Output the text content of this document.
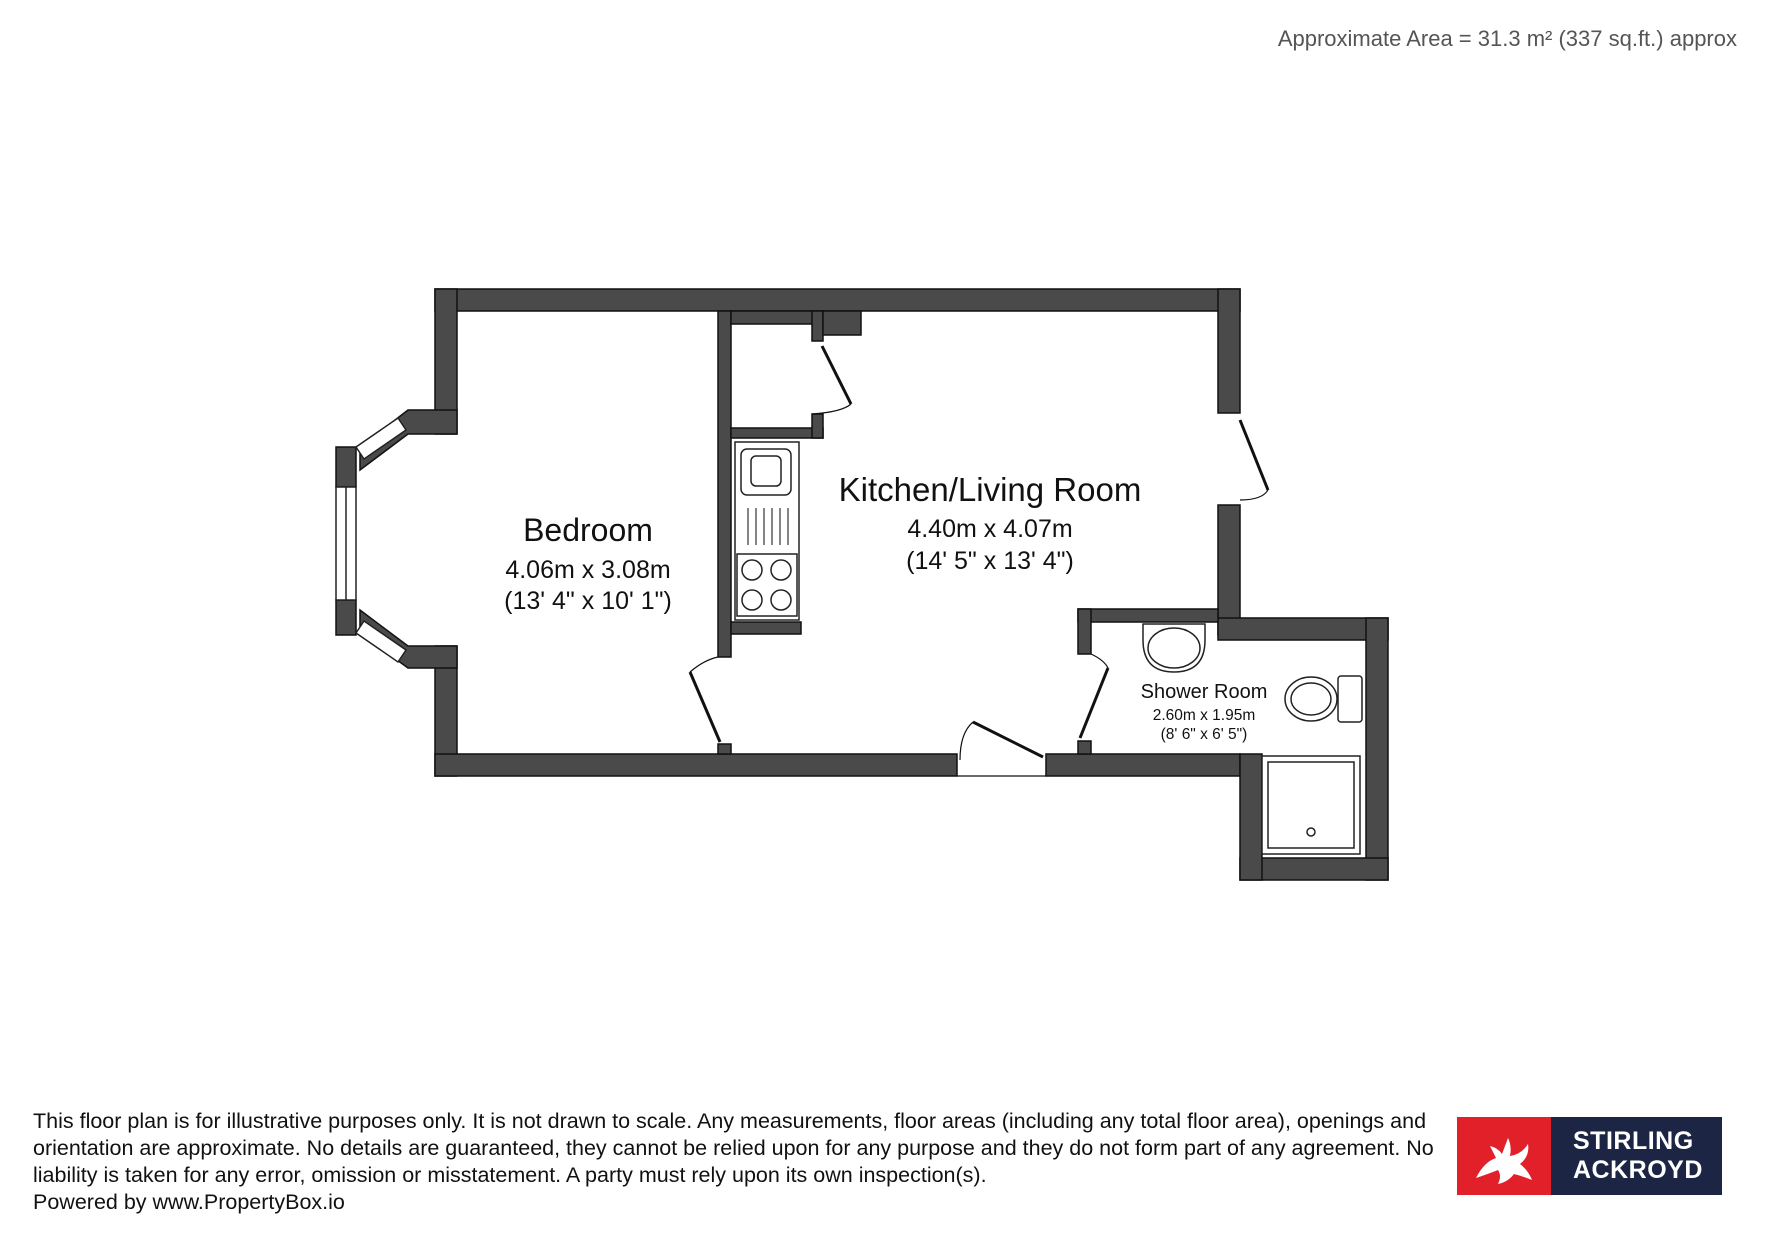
Approximate Area = 31.3 m² (337 sq.ft.) approx
Bedroom
4.06m x 3.08m
(13' 4" x 10' 1")
Kitchen/Living Room
4.40m x 4.07m
(14' 5" x 13' 4")
Shower Room
2.60m x 1.95m
(8' 6" x 6' 5")

This floor plan is for illustrative purposes only. It is not drawn to scale. Any measurements, floor areas (including any total floor area), openings and orientation are approximate. No details are guaranteed, they cannot be relied upon for any purpose and they do not form part of any agreement. No liability is taken for any error, omission or misstatement. A party must rely upon its own inspection(s).

Powered by www.PropertyBox.io

STIRLING
ACKROYD
